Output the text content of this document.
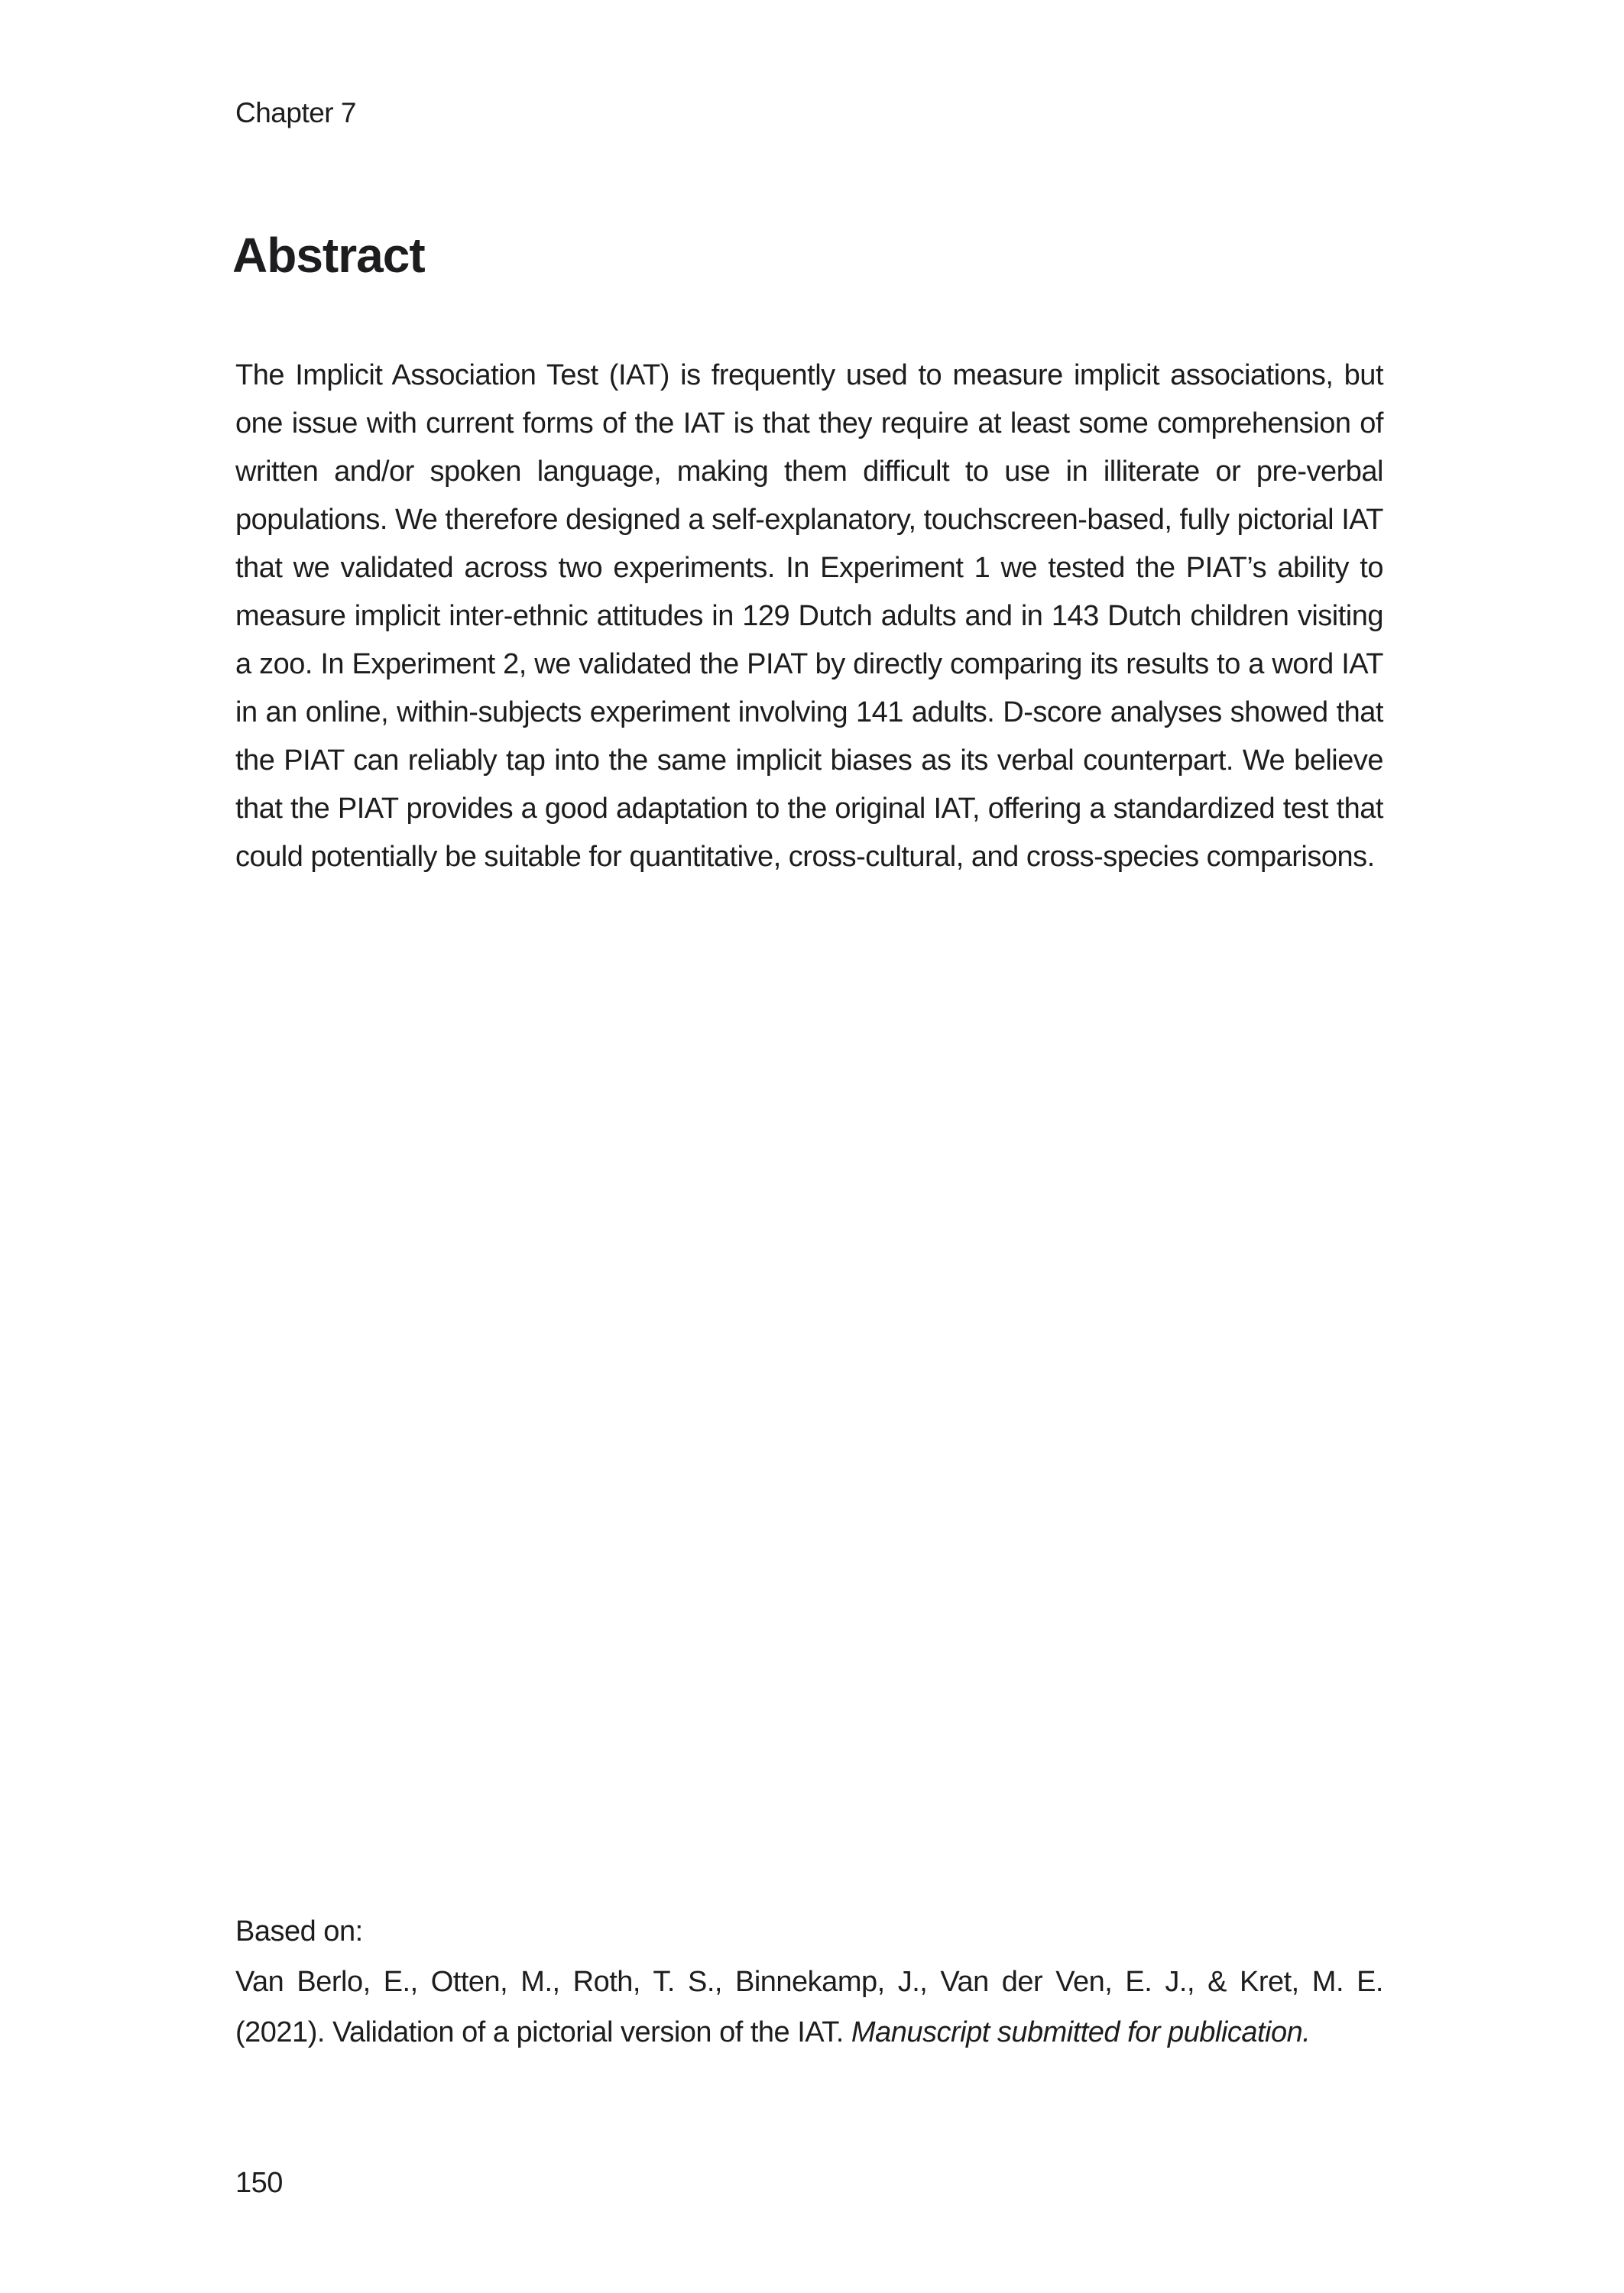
Chapter 7
Abstract

The Implicit Association Test (IAT) is frequently used to measure implicit associations, but one issue with current forms of the IAT is that they require at least some comprehension of written and/or spoken language, making them difficult to use in illiterate or pre-verbal populations. We therefore designed a self-explanatory, touchscreen-based, fully pictorial IAT that we validated across two experiments. In Experiment 1 we tested the PIAT’s ability to measure implicit inter-ethnic attitudes in 129 Dutch adults and in 143 Dutch children visiting a zoo. In Experiment 2, we validated the PIAT by directly comparing its results to a word IAT in an online, within-subjects experiment involving 141 adults. D-score analyses showed that the PIAT can reliably tap into the same implicit biases as its verbal counterpart. We believe that the PIAT provides a good adaptation to the original IAT, offering a standardized test that could potentially be suitable for quantitative, cross-cultural, and cross-species comparisons.

Based on:

Van Berlo, E., Otten, M., Roth, T. S., Binnekamp, J., Van der Ven, E. J., & Kret, M. E. (2021). Validation of a pictorial version of the IAT. Manuscript submitted for publication.

150
